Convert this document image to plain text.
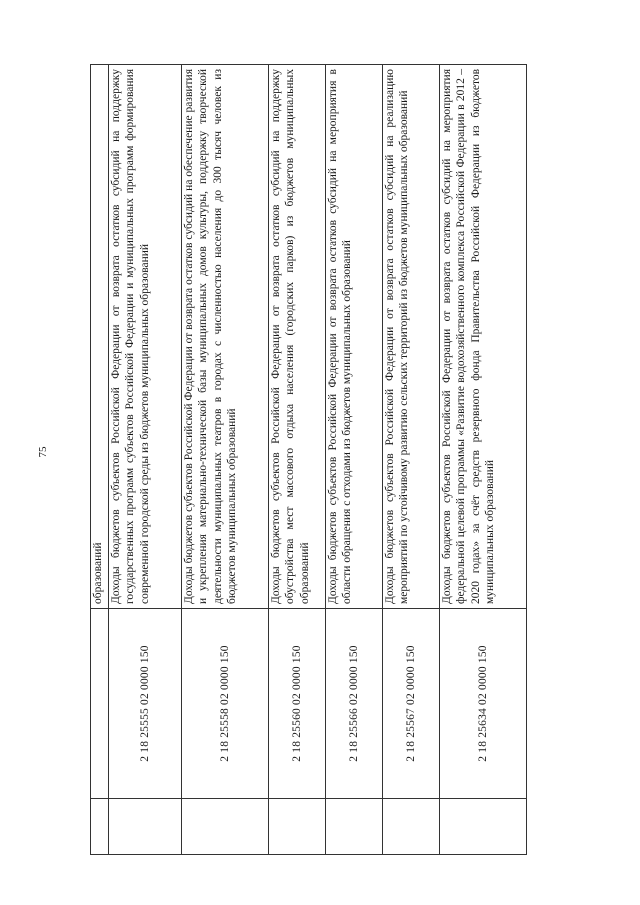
75
		образований
	2 18 25555 02 0000 150	Доходы бюджетов субъектов Российской Федерации от возврата остатков субсидий на поддержку государственных программ субъектов Российской Федерации и муниципальных программ формирования современной городской среды из бюджетов муниципальных образований
	2 18 25558 02 0000 150	Доходы бюджетов субъектов Российской Федерации от возврата остатков субсидий на обеспечение развития и укрепления материально-технической базы муниципальных домов культуры, поддержку творческой деятельности муниципальных театров в городах с численностью населения до 300 тысяч человек из бюджетов муниципальных образований
	2 18 25560 02 0000 150	Доходы бюджетов субъектов Российской Федерации от возврата остатков субсидий на поддержку обустройства мест массового отдыха населения (городских парков) из бюджетов муниципальных образований
	2 18 25566 02 0000 150	Доходы бюджетов субъектов Российской Федерации от возврата остатков субсидий на мероприятия в области обращения с отходами из бюджетов муниципальных образований
	2 18 25567 02 0000 150	Доходы бюджетов субъектов Российской Федерации от возврата остатков субсидий на реализацию мероприятий по устойчивому развитию сельских территорий из бюджетов муниципальных образований
	2 18 25634 02 0000 150	Доходы бюджетов субъектов Российской Федерации от возврата остатков субсидий на мероприятия федеральной целевой программы «Развитие водохозяйственного комплекса Российской Федерации в 2012 – 2020 годах» за счёт средств резервного фонда Правительства Российской Федерации из бюджетов муниципальных образований
